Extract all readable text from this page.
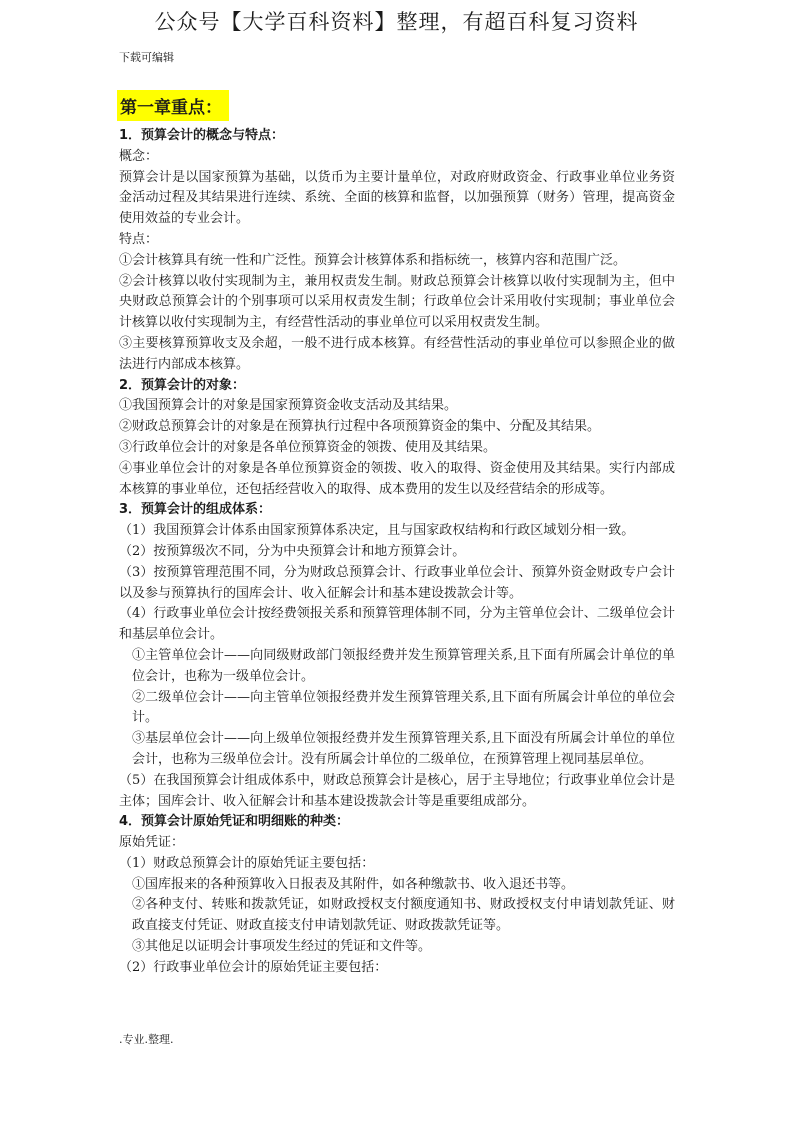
公众号【大学百科资料】整理，有超百科复习资料
下载可编辑
第一章重点：

1．预算会计的概念与特点：

概念：

预算会计是以国家预算为基础，以货币为主要计量单位，对政府财政资金、行政事业单位业务资金活动过程及其结果进行连续、系统、全面的核算和监督，以加强预算（财务）管理，提高资金使用效益的专业会计。

特点：

①会计核算具有统一性和广泛性。预算会计核算体系和指标统一，核算内容和范围广泛。

②会计核算以收付实现制为主，兼用权责发生制。财政总预算会计核算以收付实现制为主，但中央财政总预算会计的个别事项可以采用权责发生制；行政单位会计采用收付实现制；事业单位会计核算以收付实现制为主，有经营性活动的事业单位可以采用权责发生制。

③主要核算预算收支及余超，一般不进行成本核算。有经营性活动的事业单位可以参照企业的做法进行内部成本核算。

2．预算会计的对象：

①我国预算会计的对象是国家预算资金收支活动及其结果。

②财政总预算会计的对象是在预算执行过程中各项预算资金的集中、分配及其结果。

③行政单位会计的对象是各单位预算资金的领拨、使用及其结果。

④事业单位会计的对象是各单位预算资金的领拨、收入的取得、资金使用及其结果。实行内部成本核算的事业单位，还包括经营收入的取得、成本费用的发生以及经营结余的形成等。

3．预算会计的组成体系：

（1）我国预算会计体系由国家预算体系决定，且与国家政权结构和行政区域划分相一致。

（2）按预算级次不同，分为中央预算会计和地方预算会计。

（3）按预算管理范围不同，分为财政总预算会计、行政事业单位会计、预算外资金财政专户会计以及参与预算执行的国库会计、收入征解会计和基本建设拨款会计等。

（4）行政事业单位会计按经费领报关系和预算管理体制不同，分为主管单位会计、二级单位会计和基层单位会计。

①主管单位会计——向同级财政部门领报经费并发生预算管理关系,且下面有所属会计单位的单位会计，也称为一级单位会计。

②二级单位会计——向主管单位领报经费并发生预算管理关系,且下面有所属会计单位的单位会计。

③基层单位会计——向上级单位领报经费并发生预算管理关系,且下面没有所属会计单位的单位会计，也称为三级单位会计。没有所属会计单位的二级单位，在预算管理上视同基层单位。

（5）在我国预算会计组成体系中，财政总预算会计是核心，居于主导地位；行政事业单位会计是主体；国库会计、收入征解会计和基本建设拨款会计等是重要组成部分。

4．预算会计原始凭证和明细账的种类：

原始凭证：

（1）财政总预算会计的原始凭证主要包括：

①国库报来的各种预算收入日报表及其附件，如各种缴款书、收入退还书等。

②各种支付、转账和拨款凭证，如财政授权支付额度通知书、财政授权支付申请划款凭证、财政直接支付凭证、财政直接支付申请划款凭证、财政拨款凭证等。

③其他足以证明会计事项发生经过的凭证和文件等。

（2）行政事业单位会计的原始凭证主要包括：

.专业.整理.
